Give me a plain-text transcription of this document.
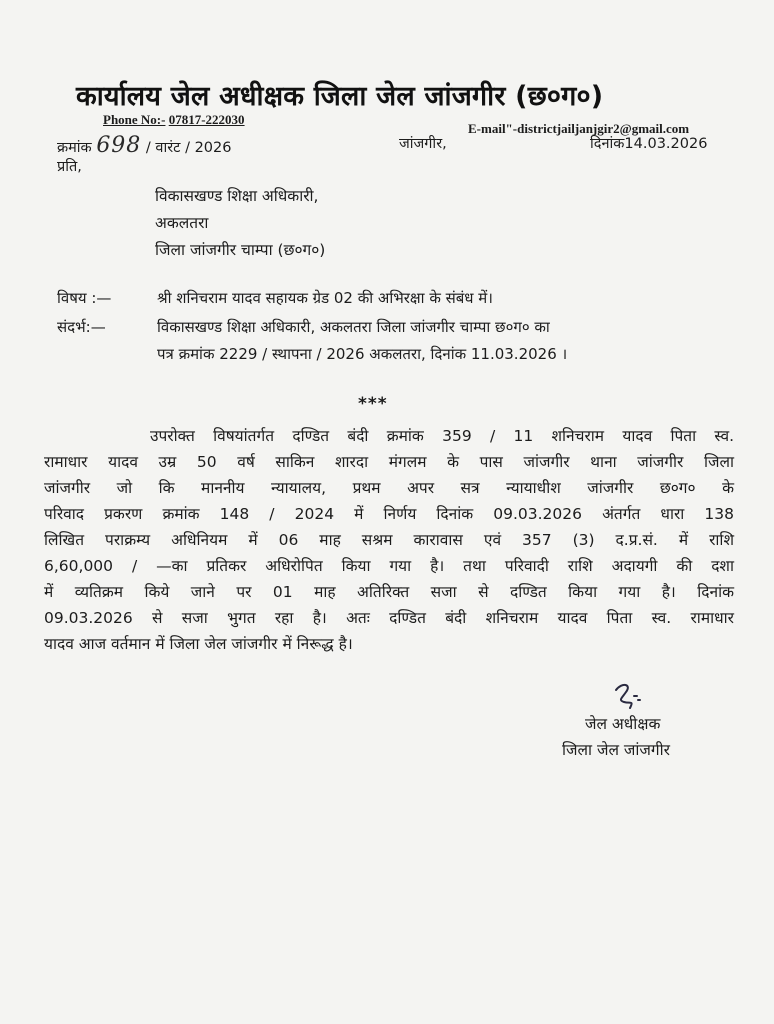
कार्यालय जेल अधीक्षक जिला जेल जांजगीर (छ०ग०)
Phone No:- 07817-222030
E-mail"-districtjailjanjgir2@gmail.com
क्रमांक 698 / वारंट / 2026	जांजगीर,	दिनांक14.03.2026
प्रति,
विकासखण्ड शिक्षा अधिकारी,
अकलतरा
जिला जांजगीर चाम्पा (छ०ग०)
विषय :—	श्री शनिचराम यादव सहायक ग्रेड 02 की अभिरक्षा के संबंध में।
संदर्भ:—	विकासखण्ड शिक्षा अधिकारी, अकलतरा जिला जांजगीर चाम्पा छ०ग० का
पत्र क्रमांक 2229 / स्थापना / 2026 अकलतरा, दिनांक 11.03.2026 ।
***
उपरोक्त विषयांतर्गत दण्डित बंदी क्रमांक 359 / 11 शनिचराम यादव पिता स्व.
रामाधार यादव उम्र 50 वर्ष साकिन शारदा मंगलम के पास जांजगीर थाना जांजगीर जिला
जांजगीर जो कि माननीय न्यायालय, प्रथम अपर सत्र न्यायाधीश जांजगीर छ०ग० के
परिवाद प्रकरण क्रमांक 148 / 2024 में निर्णय दिनांक 09.03.2026 अंतर्गत धारा 138
लिखित पराक्रम्य अधिनियम में 06 माह सश्रम कारावास एवं 357 (3) द.प्र.सं. में राशि
6,60,000 / —का प्रतिकर अधिरोपित किया गया है। तथा परिवादी राशि अदायगी की दशा
में व्यतिक्रम किये जाने पर 01 माह अतिरिक्त सजा से दण्डित किया गया है। दिनांक
09.03.2026 से सजा भुगत रहा है। अतः दण्डित बंदी शनिचराम यादव पिता स्व. रामाधार
यादव आज वर्तमान में जिला जेल जांजगीर में निरूद्ध है।
जेल अधीक्षक
जिला जेल जांजगीर
